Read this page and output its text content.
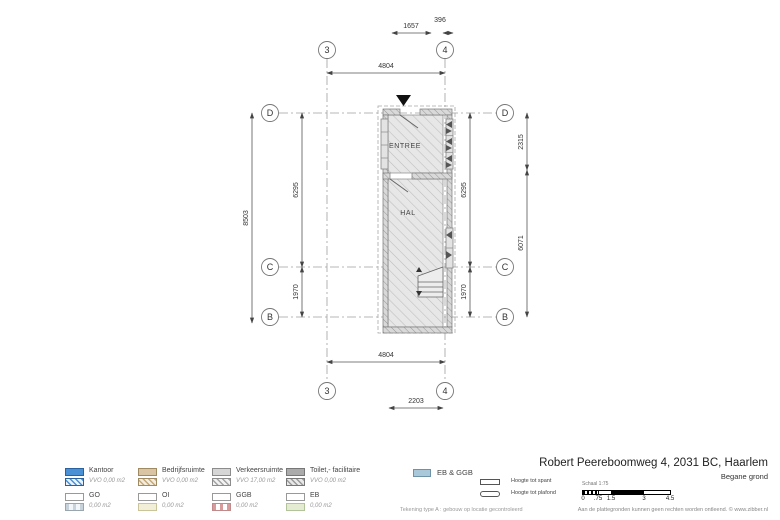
ENTREE
HAL
1657
396
4804
4804
2203
8503
6295
1970
6295
1970
2315
6071
3	4
3	4
D
C
B
D
C
B
Kantoor
VVO 0,00 m2
Bedrijfsruimte
VVO 0,00 m2
Verkeersruimte
VVO 17,00 m2
Toilet,- facilitaire
VVO 0,00 m2
GO
0,00 m2
OI
0,00 m2
GGB
0,00 m2
EB
0,00 m2
EB & GGB
Hoogte tot spant
Hoogte tot plafond
Robert Peereboomweg 4, 2031 BC, Haarlem
Begane grond
Schaal 1:75
0 .75 1.5	3	4.5
Aan de plattegronden kunnen geen rechten worden ontleend. © www.zibber.nl
Tekening type A : gebouw op locatie gecontroleerd
